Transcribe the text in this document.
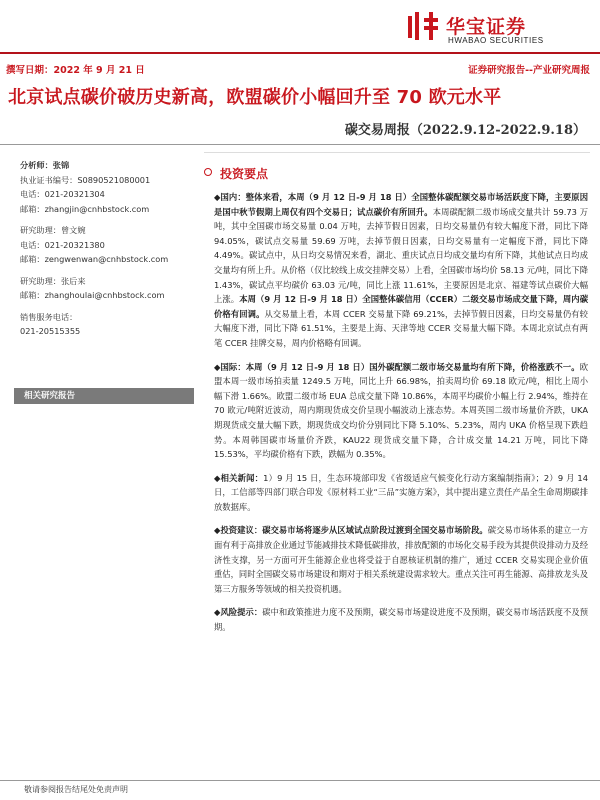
华宝证券
HWABAO SECURITIES
撰写日期：2022 年 9 月 21 日	证券研究报告--产业研究周报
北京试点碳价破历史新高，欧盟碳价小幅回升至 70 欧元水平
碳交易周报（2022.9.12-2022.9.18）
分析师：张锦
执业证书编号：S0890521080001
电话：021-20321304
邮箱：zhangjin@cnhbstock.com
研究助理：曾文婉
电话：021-20321380
邮箱：zengwenwan@cnhbstock.com
研究助理：张后来
邮箱：zhanghoulai@cnhbstock.com
销售服务电话：
021-20515355
相关研究报告
投资要点
◆国内：整体来看，本周（9 月 12 日-9 月 18 日）全国整体碳配额交易市场活跃度下降，主要原因是国中秋节假期上周仅有四个交易日；试点碳价有所回升。本周碳配额二级市场成交量共计 59.73 万吨，其中全国碳市场交易量 0.04 万吨，去掉节假日因素，日均交易量仍有较大幅度下滑，同比下降 94.05%，碳试点交易量 59.69 万吨，去掉节假日因素，日均交易量有一定幅度下滑，同比下降 4.49%。碳试点中，从日均交易情况来看，湖北、重庆试点日均成交量均有所下降，其他试点日均成交量均有所上升。从价格（仅比较线上成交挂牌交易）上看，全国碳市场均价 58.13 元/吨，同比下降 1.43%，碳试点平均碳价 63.03 元/吨，同比上涨 11.61%，主要原因是北京、福建等试点碳价大幅上涨。本周（9 月 12 日-9 月 18 日）全国整体碳信用（CCER）二级交易市场成交量下降，周内碳价格有回调。从交易量上看，本周 CCER 交易量下降 69.21%，去掉节假日因素，日均交易量仍有较大幅度下滑，同比下降 61.51%，主要是上海、天津等地 CCER 交易量大幅下降。本周北京试点有两笔 CCER 挂牌交易，周内价格略有回调。
◆国际：本周（9 月 12 日-9 月 18 日）国外碳配额二级市场交易量均有所下降，价格涨跌不一。欧盟本周一级市场拍卖量 1249.5 万吨，同比上升 66.98%，拍卖周均价 69.18 欧元/吨，相比上周小幅下滑 1.66%。欧盟二级市场 EUA 总成交量下降 10.86%，本周平均碳价小幅上行 2.94%，维持在 70 欧元/吨附近波动，周内期现货成交价呈现小幅波动上涨态势。本周英国二级市场量价齐跌，UKA 期现货成交量大幅下跌，期现货成交均价分别同比下降 5.10%、5.23%，周内 UKA 价格呈现下跌趋势。本周韩国碳市场量价齐跌，KAU22 现货成交量下降，合计成交量 14.21 万吨，同比下降 15.53%，平均碳价格有下跌，跌幅为 0.35%。
◆相关新闻：1）9 月 15 日，生态环境部印发《省级适应气候变化行动方案编制指南》；2）9 月 14 日，工信部等四部门联合印发《原材料工业“三品”实施方案》，其中提出建立责任产品全生命周期碳排放数据库。
◆投资建议：碳交易市场将逐步从区域试点阶段过渡到全国交易市场阶段。碳交易市场体系的建立一方面有利于高排放企业通过节能减排技术降低碳排放，排放配额的市场化交易手段为其提供设排动力及经济性支撑，另一方面可开生能源企业也将受益于自愿核证机制的推广，通过 CCER 交易实现企业价值重估，同时全国碳交易市场建设和期对于相关系统建设需求较大。重点关注可再生能源、高排放龙头及第三方服务等领域的相关投资机遇。
◆风险提示：碳中和政策推进力度不及预期，碳交易市场建设进度不及预期，碳交易市场活跃度不及预期。
敬请参阅报告结尾处免责声明
